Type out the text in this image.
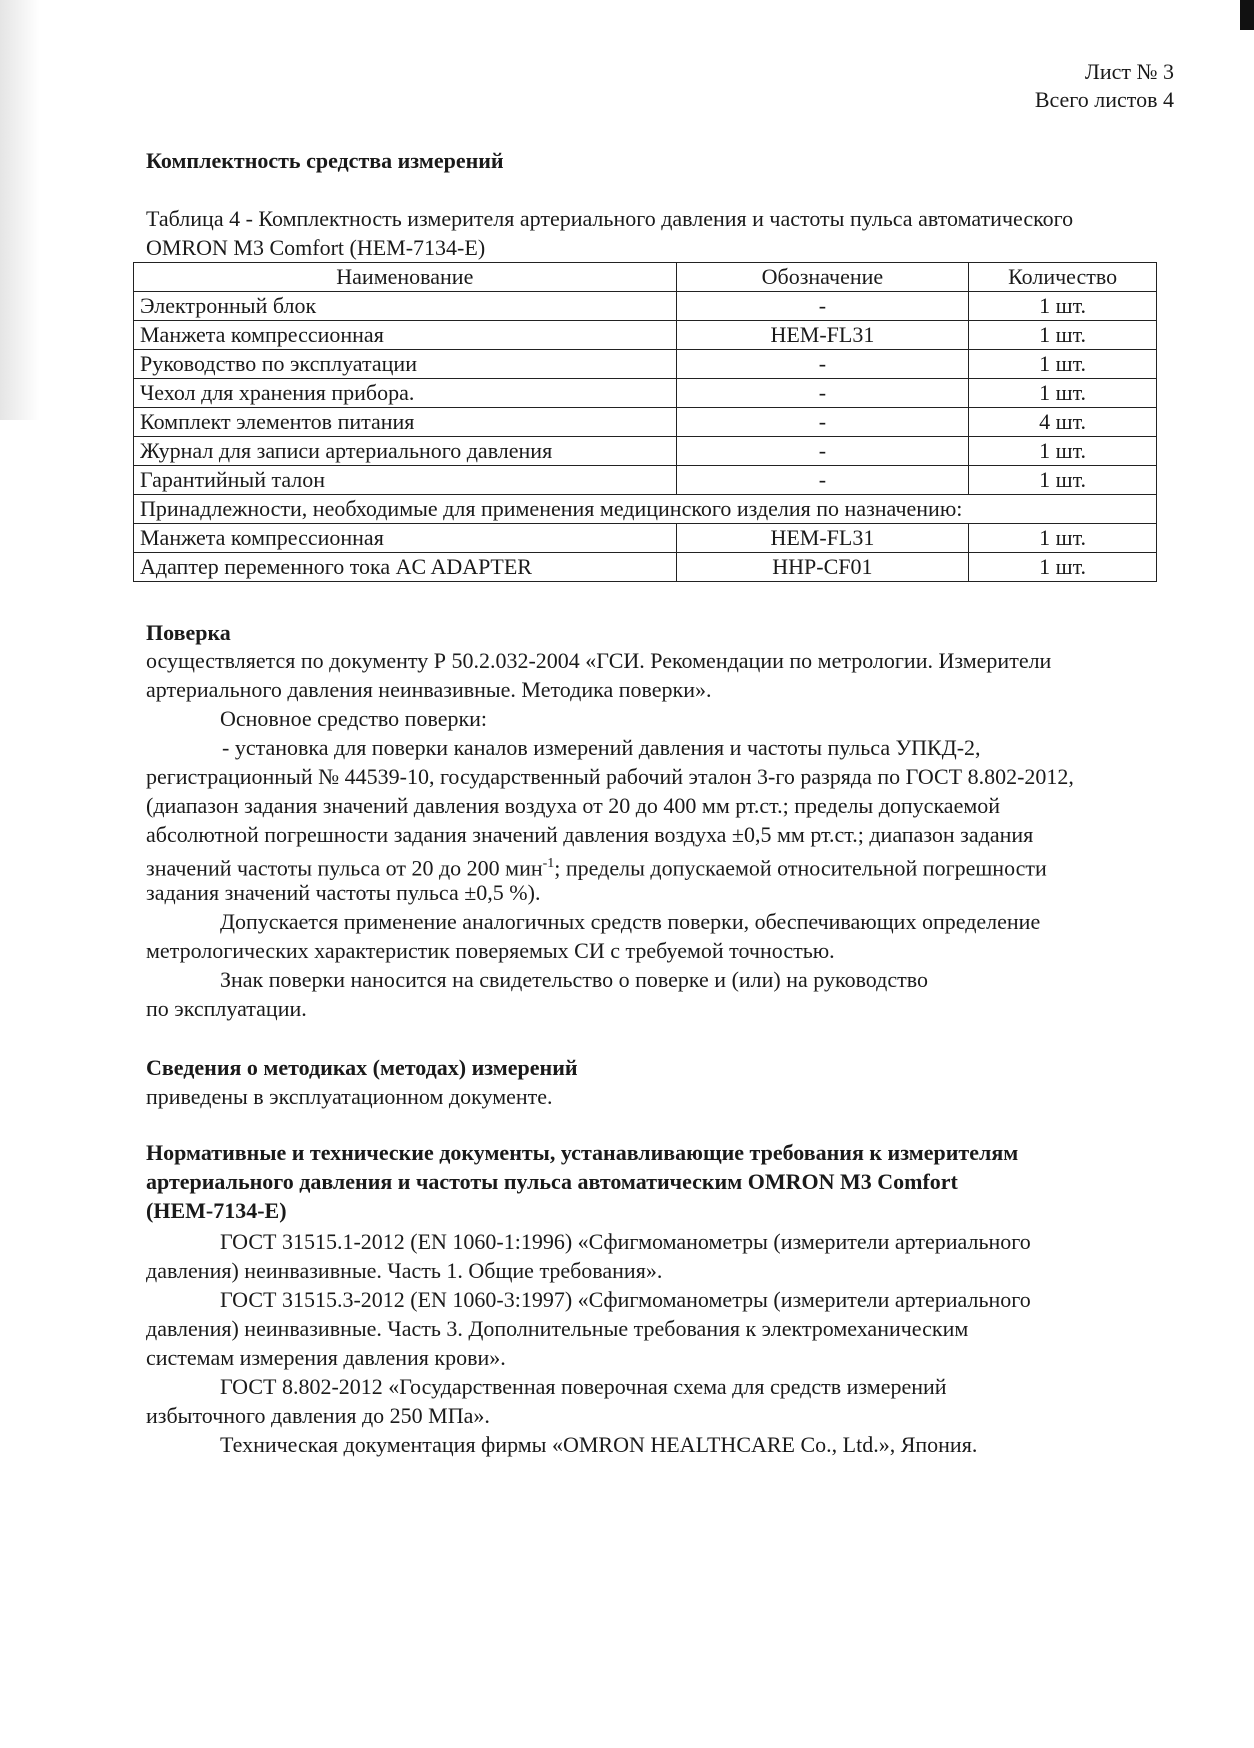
Лист № 3
Всего листов 4
Комплектность средства измерений
Таблица 4 - Комплектность измерителя артериального давления и частоты пульса автоматического
OMRON M3 Comfort (HEM-7134-E)
Наименование	Обозначение	Количество
Электронный блок	-	1 шт.
Манжета компрессионная	HEM-FL31	1 шт.
Руководство по эксплуатации	-	1 шт.
Чехол для хранения прибора.	-	1 шт.
Комплект элементов питания	-	4 шт.
Журнал для записи артериального давления	-	1 шт.
Гарантийный талон	-	1 шт.
Принадлежности, необходимые для применения медицинского изделия по назначению:		
Манжета компрессионная	HEM-FL31	1 шт.
Адаптер переменного тока AC ADAPTER	HHP-CF01	1 шт.
Поверка
осуществляется по документу Р 50.2.032-2004 «ГСИ. Рекомендации по метрологии. Измерители
артериального давления неинвазивные. Методика поверки».
Основное средство поверки:
- установка для поверки каналов измерений давления и частоты пульса УПКД-2,
регистрационный № 44539-10, государственный рабочий эталон 3-го разряда по ГОСТ 8.802-2012,
(диапазон задания значений давления воздуха от 20 до 400 мм рт.ст.; пределы допускаемой
абсолютной погрешности задания значений давления воздуха ±0,5 мм рт.ст.; диапазон задания
значений частоты пульса от 20 до 200 мин$^{-1}$; пределы допускаемой относительной погрешности
задания значений частоты пульса ±0,5 %).
Допускается применение аналогичных средств поверки, обеспечивающих определение
метрологических характеристик поверяемых СИ с требуемой точностью.
Знак поверки наносится на свидетельство о поверке и (или) на руководство
по эксплуатации.
Сведения о методиках (методах) измерений
приведены в эксплуатационном документе.
Нормативные и технические документы, устанавливающие требования к измерителям
артериального давления и частоты пульса автоматическим OMRON M3 Comfort
(HEM-7134-E)
ГОСТ 31515.1-2012 (EN 1060-1:1996) «Сфигмоманометры (измерители артериального
давления) неинвазивные. Часть 1. Общие требования».
ГОСТ 31515.3-2012 (EN 1060-3:1997) «Сфигмоманометры (измерители артериального
давления) неинвазивные. Часть 3. Дополнительные требования к электромеханическим
системам измерения давления крови».
ГОСТ 8.802-2012 «Государственная поверочная схема для средств измерений
избыточного давления до 250 МПа».
Техническая документация фирмы «OMRON HEALTHCARE Co., Ltd.», Япония.
